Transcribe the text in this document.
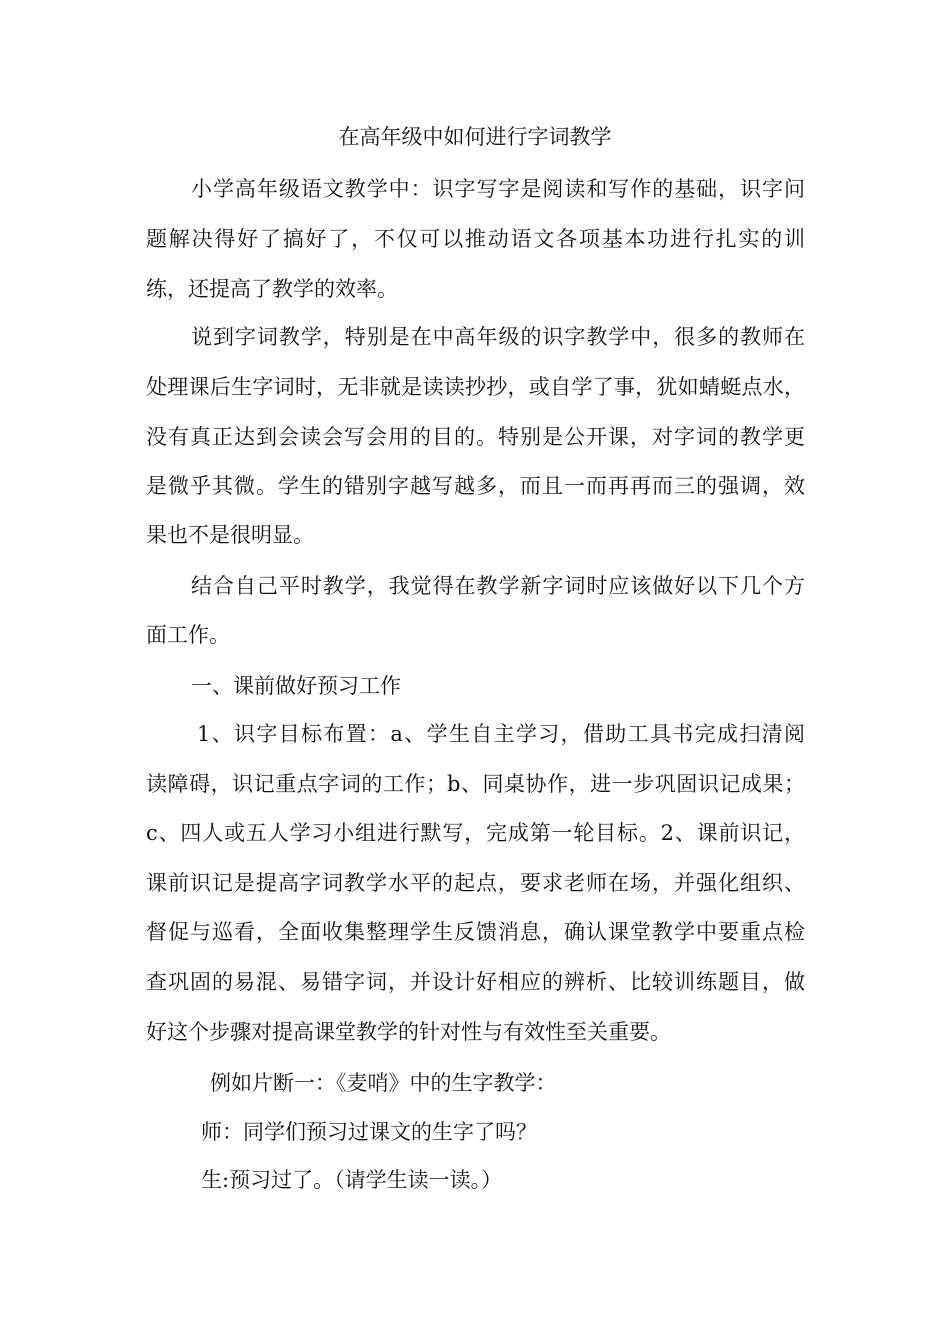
在高年级中如何进行字词教学
小学高年级语文教学中：识字写字是阅读和写作的基础，识字问
题解决得好了搞好了，不仅可以推动语文各项基本功进行扎实的训
练，还提高了教学的效率。
说到字词教学，特别是在中高年级的识字教学中，很多的教师在
处理课后生字词时，无非就是读读抄抄，或自学了事，犹如蜻蜓点水，
没有真正达到会读会写会用的目的。特别是公开课，对字词的教学更
是微乎其微。学生的错别字越写越多，而且一而再再而三的强调，效
果也不是很明显。
结合自己平时教学，我觉得在教学新字词时应该做好以下几个方
面工作。
一、课前做好预习工作
1、识字目标布置：a、学生自主学习，借助工具书完成扫清阅
读障碍，识记重点字词的工作；b、同桌协作，进一步巩固识记成果；
c、四人或五人学习小组进行默写，完成第一轮目标。2、课前识记，
课前识记是提高字词教学水平的起点，要求老师在场，并强化组织、
督促与巡看，全面收集整理学生反馈消息，确认课堂教学中要重点检
查巩固的易混、易错字词，并设计好相应的辨析、比较训练题目，做
好这个步骤对提高课堂教学的针对性与有效性至关重要。
例如片断一：《麦哨》中的生字教学：
师：同学们预习过课文的生字了吗？
生:预习过了。（请学生读一读。）
